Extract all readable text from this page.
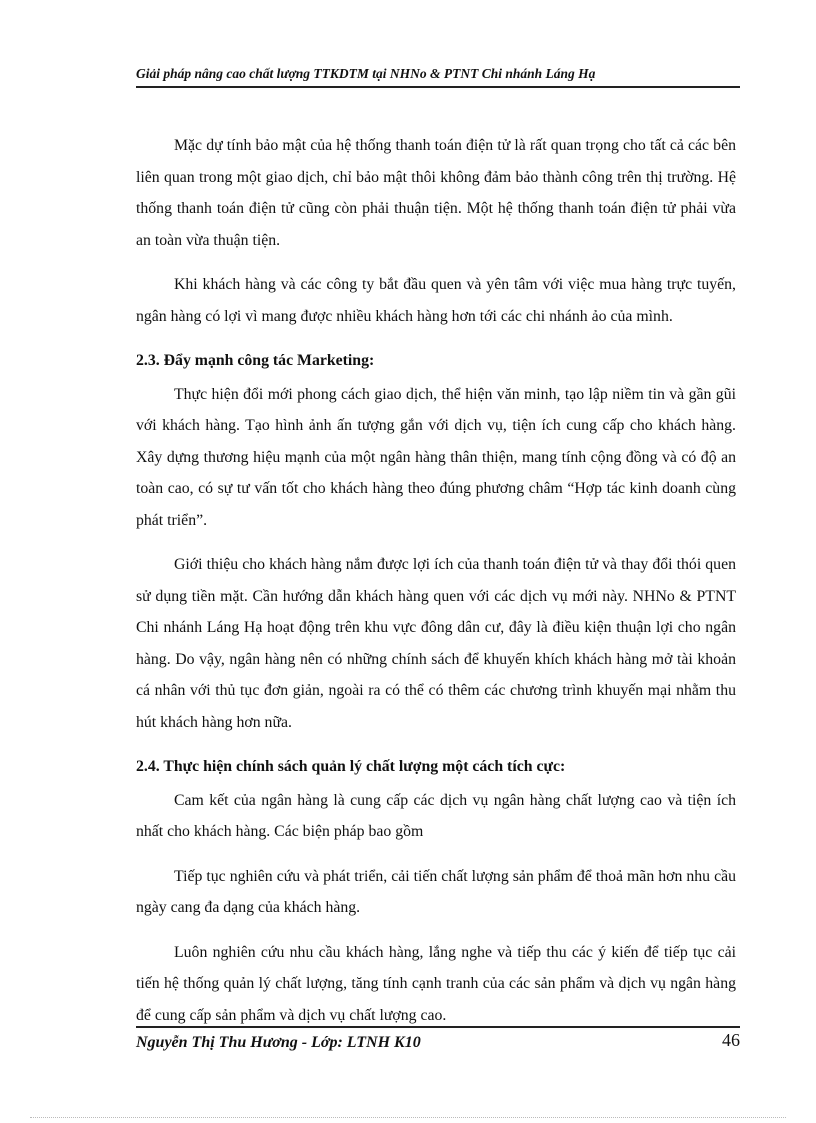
Giải pháp nâng cao chất lượng TTKDTM tại NHNo & PTNT Chi nhánh Láng Hạ

Mặc dự tính bảo mật của hệ thống thanh toán điện tử là rất quan trọng cho tất cả các bên liên quan trong một giao dịch, chỉ bảo mật thôi không đảm bảo thành công trên thị trường. Hệ thống thanh toán điện tử cũng còn phải thuận tiện. Một hệ thống thanh toán điện tử phải vừa an toàn vừa thuận tiện.

Khi khách hàng và các công ty bắt đầu quen và yên tâm với việc mua hàng trực tuyến, ngân hàng có lợi vì mang được nhiều khách hàng hơn tới các chi nhánh ảo của mình.

2.3. Đẩy mạnh công tác Marketing:

Thực hiện đổi mới phong cách giao dịch, thể hiện văn minh, tạo lập niềm tin và gần gũi với khách hàng. Tạo hình ảnh ấn tượng gắn với dịch vụ, tiện ích cung cấp cho khách hàng. Xây dựng thương hiệu mạnh của một ngân hàng thân thiện, mang tính cộng đồng và có độ an toàn cao, có sự tư vấn tốt cho khách hàng theo đúng phương châm “Hợp tác kinh doanh cùng phát triển”.

Giới thiệu cho khách hàng nắm được lợi ích của thanh toán điện tử và thay đổi thói quen sử dụng tiền mặt. Cần hướng dẫn khách hàng quen với các dịch vụ mới này. NHNo & PTNT Chi nhánh Láng Hạ hoạt động trên khu vực đông dân cư, đây là điều kiện thuận lợi cho ngân hàng. Do vậy, ngân hàng nên có những chính sách để khuyến khích khách hàng mở tài khoản cá nhân với thủ tục đơn giản, ngoài ra có thể có thêm các chương trình khuyến mại nhằm thu hút khách hàng hơn nữa.

2.4. Thực hiện chính sách quản lý chất lượng một cách tích cực:

Cam kết của ngân hàng là cung cấp các dịch vụ ngân hàng chất lượng cao và tiện ích nhất cho khách hàng. Các biện pháp bao gồm

Tiếp tục nghiên cứu và phát triển, cải tiến chất lượng sản phẩm để thoả mãn hơn nhu cầu ngày cang đa dạng của khách hàng.

Luôn nghiên cứu nhu cầu khách hàng, lắng nghe và tiếp thu các ý kiến để tiếp tục cải tiến hệ thống quản lý chất lượng, tăng tính cạnh tranh của các sản phẩm và dịch vụ ngân hàng để cung cấp sản phẩm và dịch vụ chất lượng cao.

Nguyễn Thị Thu Hương - Lớp: LTNH K10	46
